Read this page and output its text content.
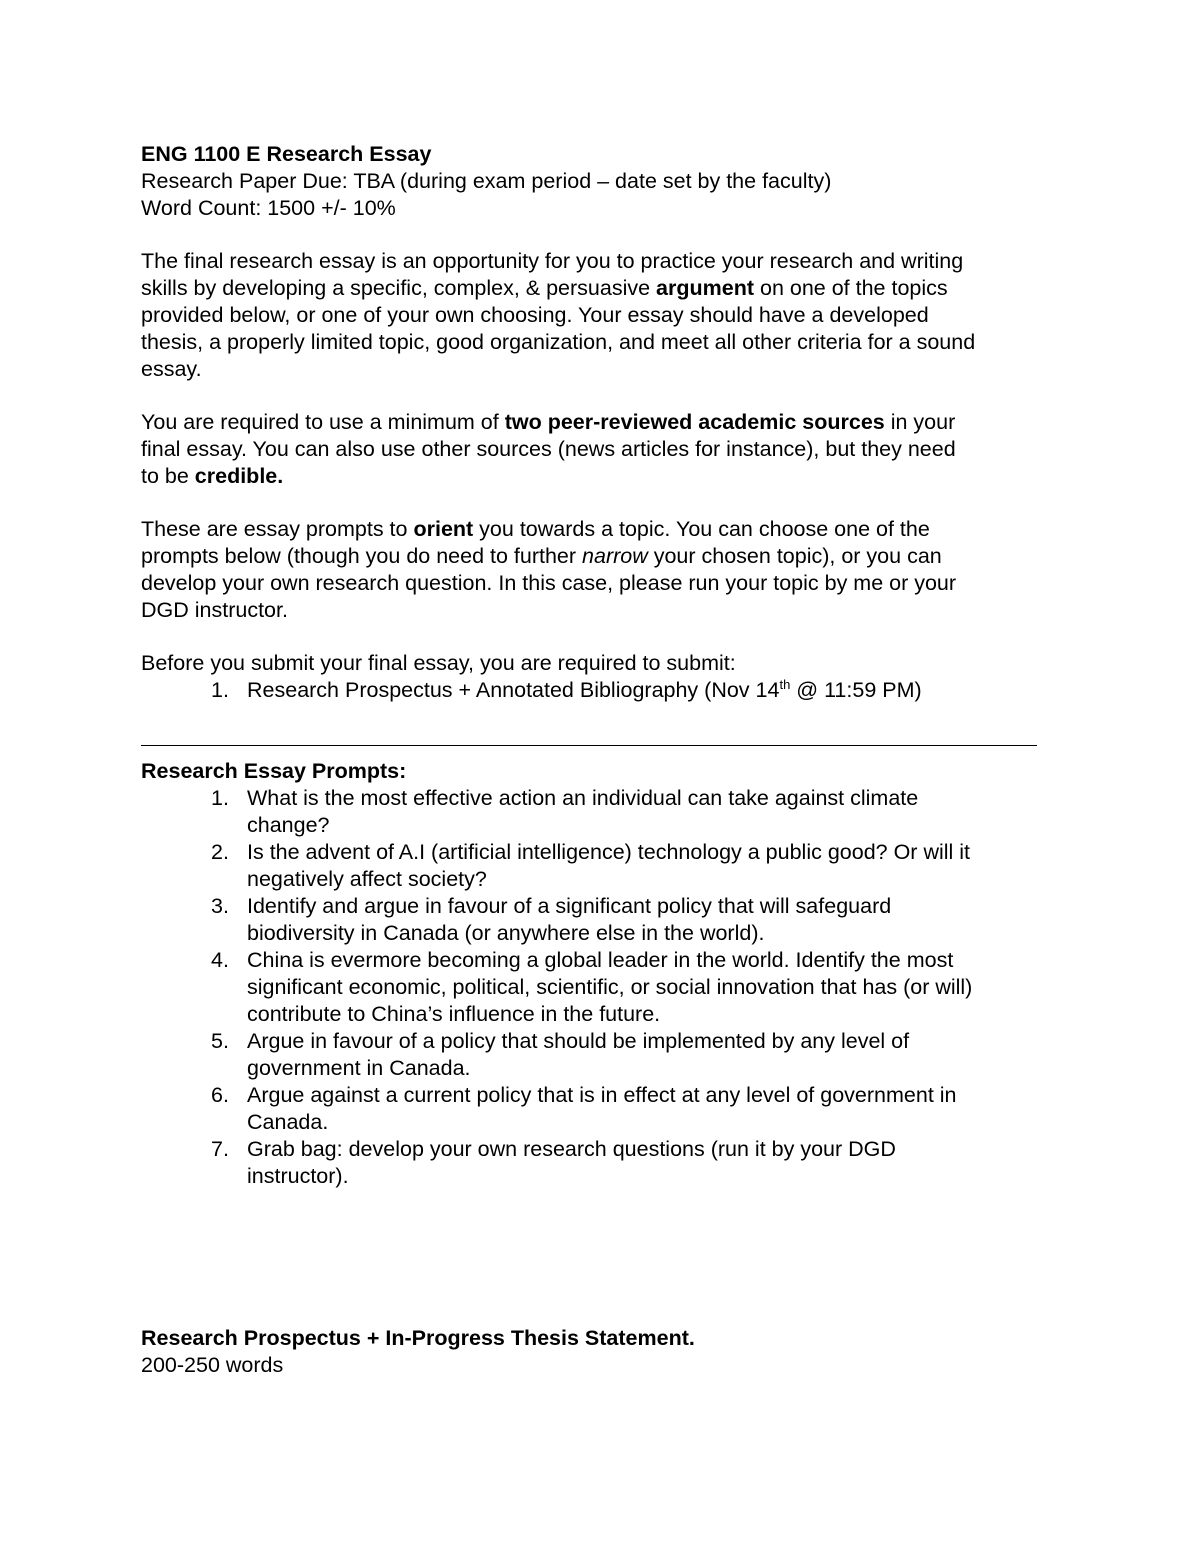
ENG 1100 E Research Essay
Research Paper Due: TBA (during exam period – date set by the faculty)
Word Count: 1500 +/- 10%
The final research essay is an opportunity for you to practice your research and writing
skills by developing a specific, complex, & persuasive argument on one of the topics
provided below, or one of your own choosing. Your essay should have a developed
thesis, a properly limited topic, good organization, and meet all other criteria for a sound
essay.
You are required to use a minimum of two peer-reviewed academic sources in your
final essay. You can also use other sources (news articles for instance), but they need
to be credible.
These are essay prompts to orient you towards a topic. You can choose one of the
prompts below (though you do need to further narrow your chosen topic), or you can
develop your own research question. In this case, please run your topic by me or your
DGD instructor.
Before you submit your final essay, you are required to submit:
1. Research Prospectus + Annotated Bibliography (Nov 14th @ 11:59 PM)
Research Essay Prompts:
1. What is the most effective action an individual can take against climate
change?
2. Is the advent of A.I (artificial intelligence) technology a public good? Or will it
negatively affect society?
3. Identify and argue in favour of a significant policy that will safeguard
biodiversity in Canada (or anywhere else in the world).
4. China is evermore becoming a global leader in the world. Identify the most
significant economic, political, scientific, or social innovation that has (or will)
contribute to China’s influence in the future.
5. Argue in favour of a policy that should be implemented by any level of
government in Canada.
6. Argue against a current policy that is in effect at any level of government in
Canada.
7. Grab bag: develop your own research questions (run it by your DGD
instructor).
Research Prospectus + In-Progress Thesis Statement.
200-250 words
